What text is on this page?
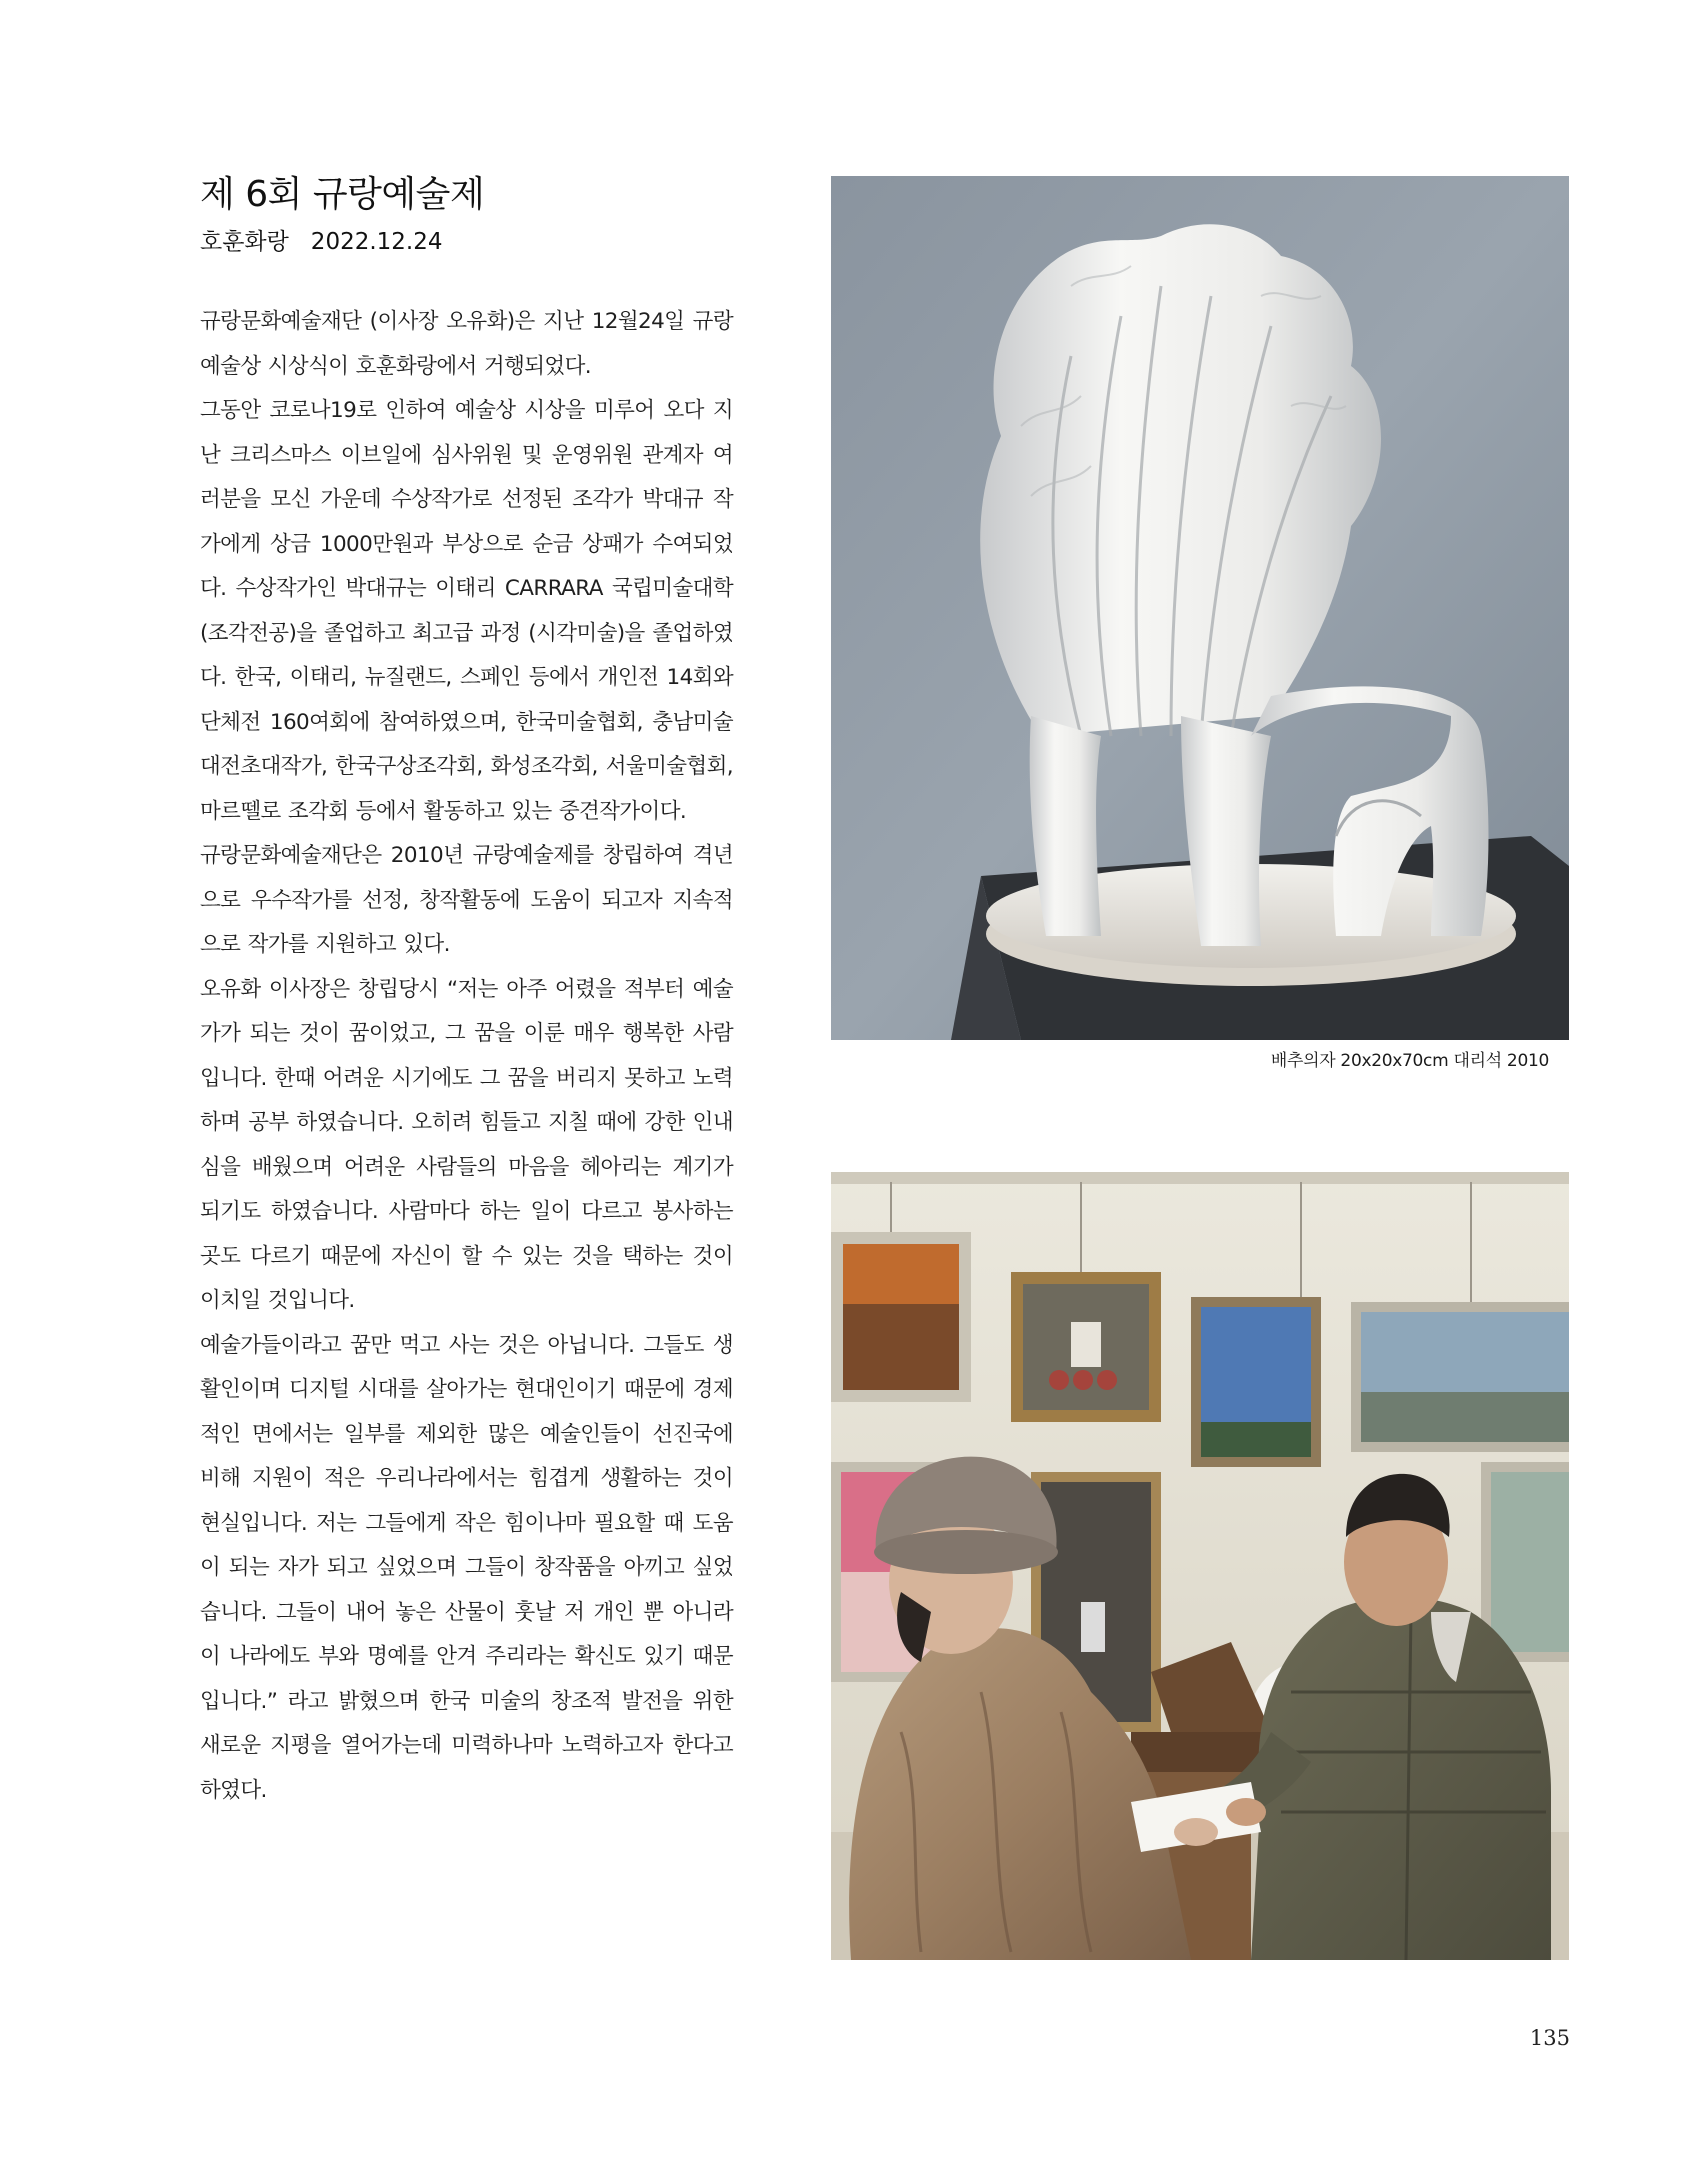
제 6회 규랑예술제
호훈화랑   2022.12.24

규랑문화예술재단 (이사장 오유화)은 지난 12월24일 규랑예술상 시상식이 호훈화랑에서 거행되었다.

그동안 코로나19로 인하여 예술상 시상을 미루어 오다 지난 크리스마스 이브일에 심사위원 및 운영위원 관계자 여러분을 모신 가운데 수상작가로 선정된 조각가 박대규 작가에게 상금 1000만원과 부상으로 순금 상패가 수여되었다. 수상작가인 박대규는 이태리 CARRARA 국립미술대학 (조각전공)을 졸업하고 최고급 과정 (시각미술)을 졸업하였다. 한국, 이태리, 뉴질랜드, 스페인 등에서 개인전 14회와 단체전 160여회에 참여하였으며, 한국미술협회, 충남미술대전초대작가, 한국구상조각회, 화성조각회, 서울미술협회, 마르뗄로 조각회 등에서 활동하고 있는 중견작가이다.

규랑문화예술재단은 2010년 규랑예술제를 창립하여 격년으로 우수작가를 선정, 창작활동에 도움이 되고자 지속적으로 작가를 지원하고 있다.

오유화 이사장은 창립당시 “저는 아주 어렸을 적부터 예술가가 되는 것이 꿈이었고, 그 꿈을 이룬 매우 행복한 사람입니다. 한때 어려운 시기에도 그 꿈을 버리지 못하고 노력하며 공부 하였습니다. 오히려 힘들고 지칠 때에 강한 인내심을 배웠으며 어려운 사람들의 마음을 헤아리는 계기가 되기도 하였습니다. 사람마다 하는 일이 다르고 봉사하는 곳도 다르기 때문에 자신이 할 수 있는 것을 택하는 것이 이치일 것입니다.

예술가들이라고 꿈만 먹고 사는 것은 아닙니다. 그들도 생활인이며 디지털 시대를 살아가는 현대인이기 때문에 경제적인 면에서는 일부를 제외한 많은 예술인들이 선진국에 비해 지원이 적은 우리나라에서는 힘겹게 생활하는 것이 현실입니다. 저는 그들에게 작은 힘이나마 필요할 때 도움이 되는 자가 되고 싶었으며 그들이 창작품을 아끼고 싶었습니다. 그들이 내어 놓은 산물이 훗날 저 개인 뿐 아니라 이 나라에도 부와 명예를 안겨 주리라는 확신도 있기 때문입니다.” 라고 밝혔으며 한국 미술의 창조적 발전을 위한 새로운 지평을 열어가는데 미력하나마 노력하고자 한다고 하였다.

배추의자 20x20x70cm 대리석 2010
135
